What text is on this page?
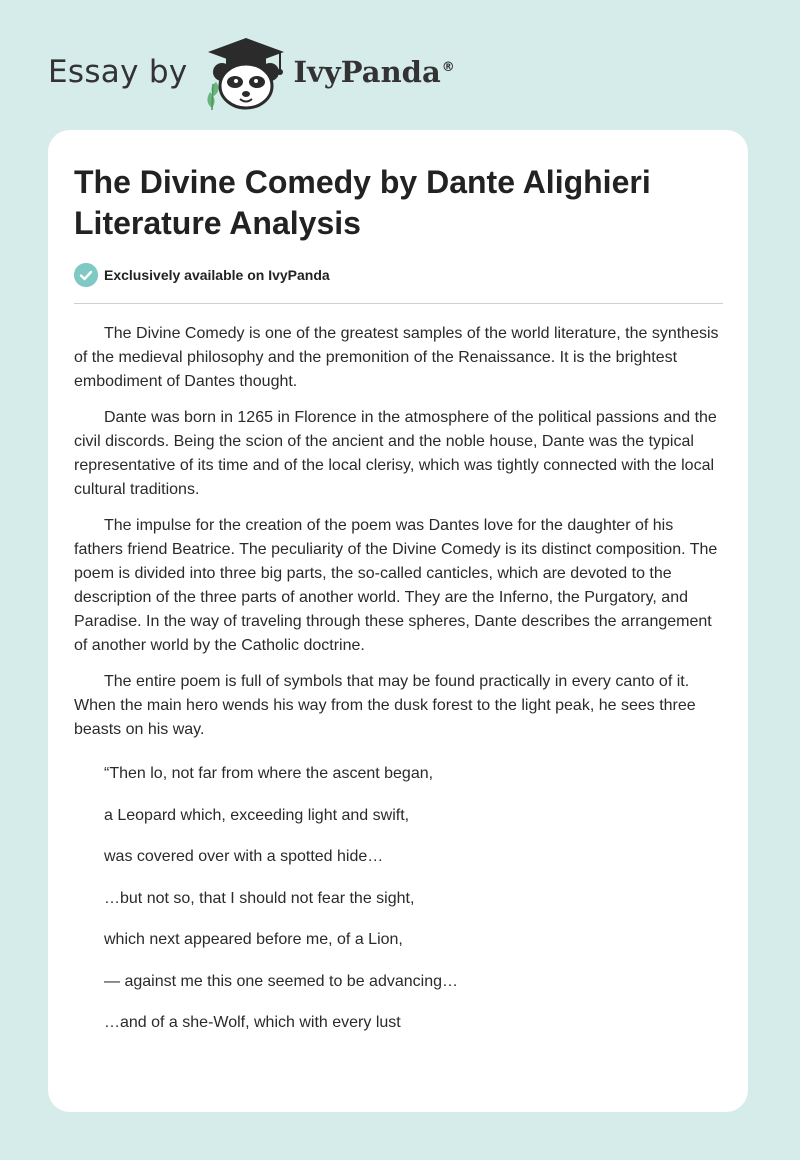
Essay by	IvyPanda®
The Divine Comedy by Dante Alighieri
Literature Analysis
Exclusively available on IvyPanda

The Divine Comedy is one of the greatest samples of the world literature, the synthesis of the medieval philosophy and the premonition of the Renaissance. It is the brightest embodiment of Dantes thought.

Dante was born in 1265 in Florence in the atmosphere of the political passions and the civil discords. Being the scion of the ancient and the noble house, Dante was the typical representative of its time and of the local clerisy, which was tightly connected with the local cultural traditions.

The impulse for the creation of the poem was Dantes love for the daughter of his fathers friend Beatrice. The peculiarity of the Divine Comedy is its distinct composition. The poem is divided into three big parts, the so-called canticles, which are devoted to the description of the three parts of another world. They are the Inferno, the Purgatory, and Paradise. In the way of traveling through these spheres, Dante describes the arrangement of another world by the Catholic doctrine.

The entire poem is full of symbols that may be found practically in every canto of it. When the main hero wends his way from the dusk forest to the light peak, he sees three beasts on his way.

“Then lo, not far from where the ascent began,

a Leopard which, exceeding light and swift,

was covered over with a spotted hide…

…but not so, that I should not fear the sight,

which next appeared before me, of a Lion,

— against me this one seemed to be advancing…

…and of a she-Wolf, which with every lust
